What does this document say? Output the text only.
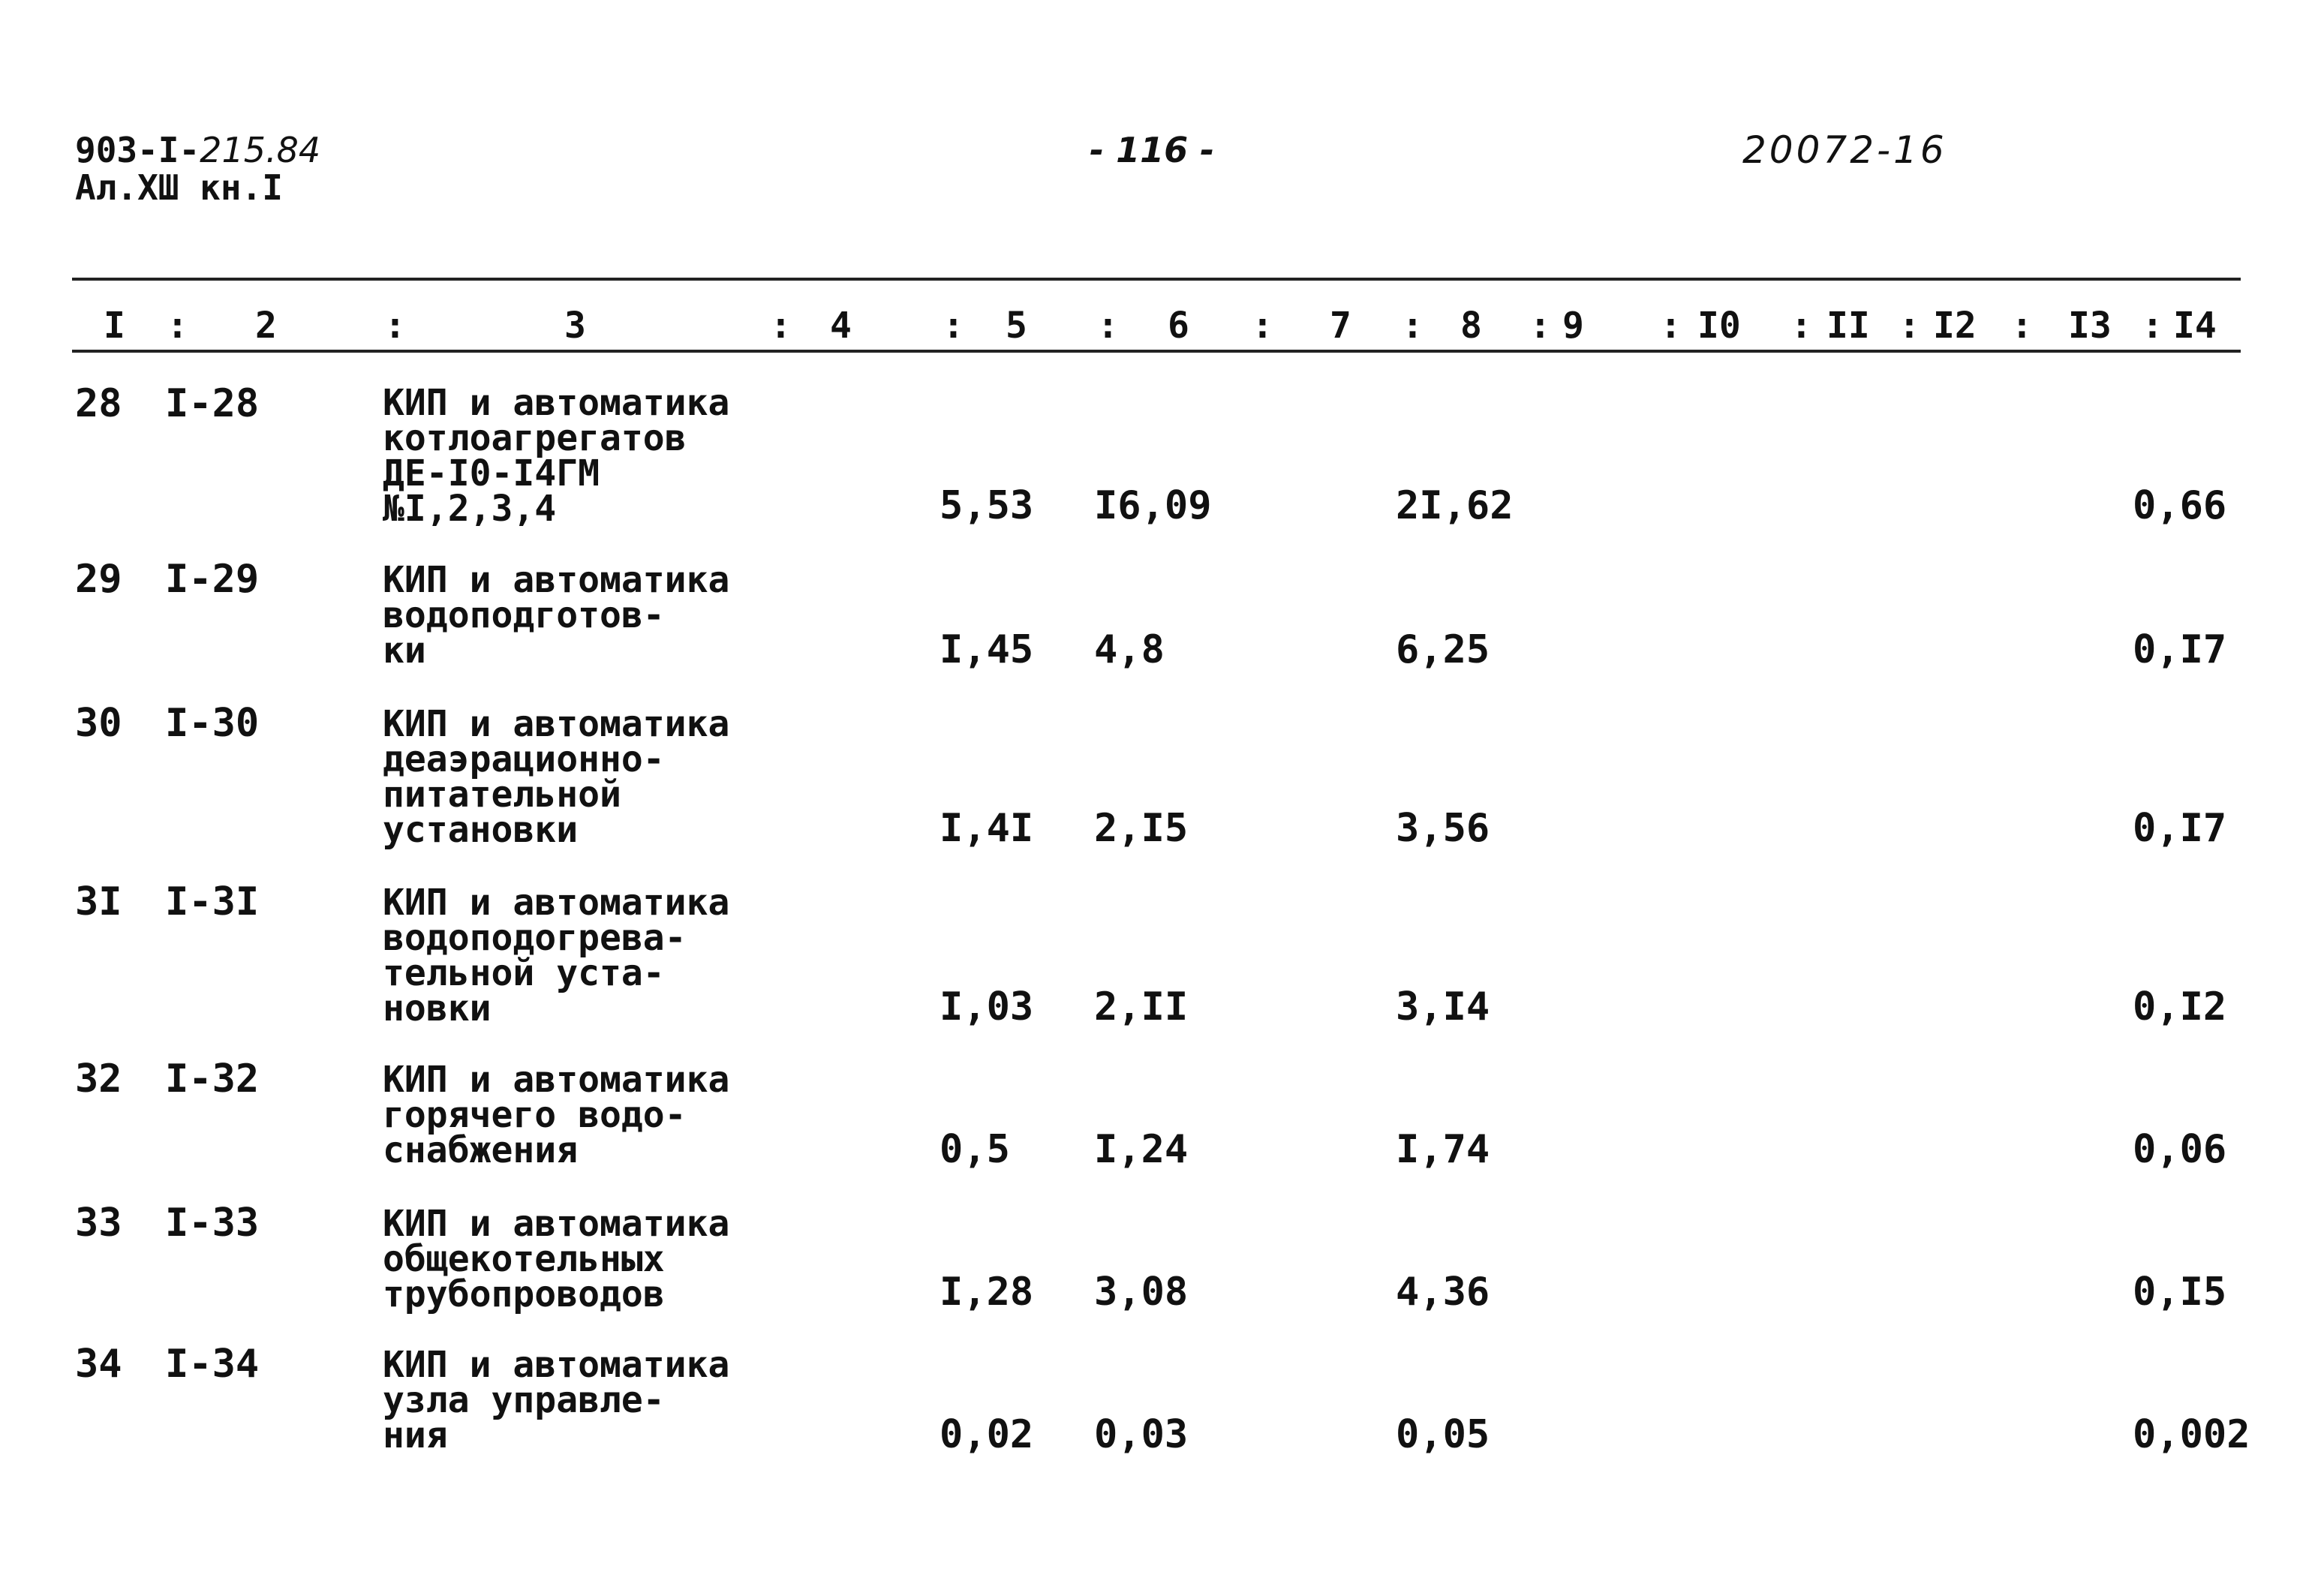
903-I-215.84
Ал.XШ кн.I
- 116 -	20072-16
I : 2	:	3	: 4	: 5 : 6 : 7 : 8 : 9 : I0 : II : I2 : I3 : I4
28 I-28	КИП и автоматика
котлоагрегатов
ДЕ-I0-I4ГМ
№I,2,3,4	5,53 I6,09	2I,62	0,66
29 I-29	КИП и автоматика
водоподготов-
ки	I,45 4,8	6,25	0,I7
30 I-30	КИП и автоматика
деаэрационно-
питательной
установки	I,4I 2,I5	3,56	0,I7
3I I-3I	КИП и автоматика
водоподогрева-
тельной уста-
новки	I,03 2,II	3,I4	0,I2
32 I-32	КИП и автоматика
горячего водо-
снабжения	0,5 I,24	I,74	0,06
33 I-33	КИП и автоматика
общекотельных
трубопроводов	I,28 3,08	4,36	0,I5
34 I-34	КИП и автоматика
узла управле-
ния	0,02 0,03	0,05	0,002
